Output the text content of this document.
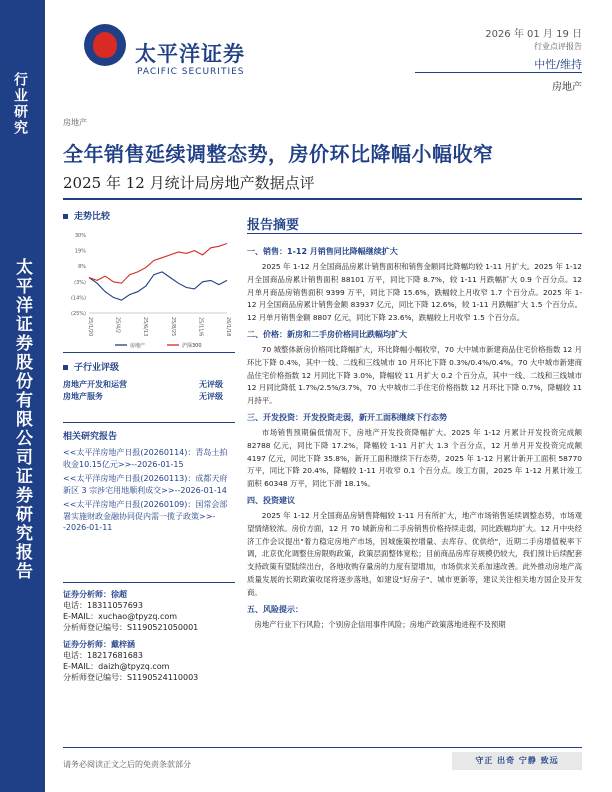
行业研究
太平洋证券股份有限公司证券研究报告
太平洋证券
PACIFIC SECURITIES
2026 年 01 月 19 日
行业点评报告
中性/维持
房地产
房地产
全年销售延续调整态势，房价环比降幅小幅收窄
2025 年 12 月统计局房地产数据点评
走势比较
30%
19%
8%
(3%)
(14%)
(25%)
25/1/20	25/4/2	25/6/13	25/8/25	25/11/6	26/1/18
房地产	沪深300
子行业评级
房地产开发和运营	无评级
房地产服务	无评级
相关研究报告
<<太平洋房地产日报(20260114)：青岛土拍收金10.15亿元>>--2026-01-15
<<太平洋房地产日报(20260113)：成都天府新区 3 宗涉宅用地顺利成交>>--2026-01-14
<<太平洋房地产日报(20260109)：国常会部署实施财政金融协同促内需一揽子政策>>--2026-01-11
证券分析师：徐超
电话：18311057693
E-MAIL：xuchao@tpyzq.com
分析师登记编号：S1190521050001
证券分析师：戴梓涵
电话：18217681683
E-MAIL：daizh@tpyzq.com
分析师登记编号：S1190524110003
报告摘要
一、销售：1-12 月销售同比降幅继续扩大
2025 年 1-12 月全国商品房累计销售面积和销售金额同比降幅均较 1-11 月扩大。2025 年 1-12 月全国商品房累计销售面积 88101 万平，同比下降 8.7%，较 1-11 月跌幅扩大 0.9 个百分点。12 月单月商品房销售面积 9399 万平，同比下降 15.6%，跌幅较上月收窄 1.7 个百分点。2025 年 1-12 月全国商品房累计销售金额 83937 亿元，同比下降 12.6%，较 1-11 月跌幅扩大 1.5 个百分点。12 月单月销售金额 8807 亿元，同比下降 23.6%，跌幅较上月收窄 1.5 个百分点。
二、价格：新房和二手房价格同比跌幅均扩大
70 城整体新房价格同比降幅扩大，环比降幅小幅收窄，70 大中城市新建商品住宅价格指数 12 月环比下降 0.4%，其中一线、二线和三线城市 10 月环比下降 0.3%/0.4%/0.4%。70 大中城市新建商品住宅价格指数 12 月同比下降 3.0%，降幅较 11 月扩大 0.2 个百分点，其中一线、二线和三线城市 12 月同比降低 1.7%/2.5%/3.7%，70 大中城市二手住宅价格指数 12 月环比下降 0.7%，降幅较 11 月持平。
三、开发投资：开发投资走弱，新开工面积继续下行态势
市场销售预期偏低情况下，房地产开发投资降幅扩大。2025 年 1-12 月累计开发投资完成额 82788 亿元，同比下降 17.2%，降幅较 1-11 月扩大 1.3 个百分点，12 月单月开发投资完成额 4197 亿元，同比下降 35.8%，新开工面积继续下行态势，2025 年 1-12 月累计新开工面积 58770 万平，同比下降 20.4%，降幅较 1-11 月收窄 0.1 个百分点。竣工方面，2025 年 1-12 月累计竣工面积 60348 万平，同比下滑 18.1%。
四、投资建议
2025 年 1-12 月全国商品房销售降幅较 1-11 月有所扩大，地产市场销售延续调整态势，市场观望情绪较浓。房价方面，12 月 70 城新房和二手房销售价格持续走弱，同比跌幅均扩大。12 月中央经济工作会议提出"着力稳定房地产市场，因城施策控增量、去库存、优供给"，近期二手房增值税率下调，北京优化调整住房限购政策，政策层面整体宽松；目前商品房库存规模仍较大，我们预计后续配套支持政策有望陆续出台，各地收购存量房的力度有望增加，市场供求关系加速改善。此外推动房地产高质量发展的长期政策收尾将逐步落地，如建设"好房子"、城市更新等，建议关注相关地方国企及开发商。
五、风险提示：
房地产行业下行风险；个别房企信用事件风险；房地产政策落地进程不及预期
请务必阅读正文之后的免责条款部分	守正 出奇 宁静 致远
